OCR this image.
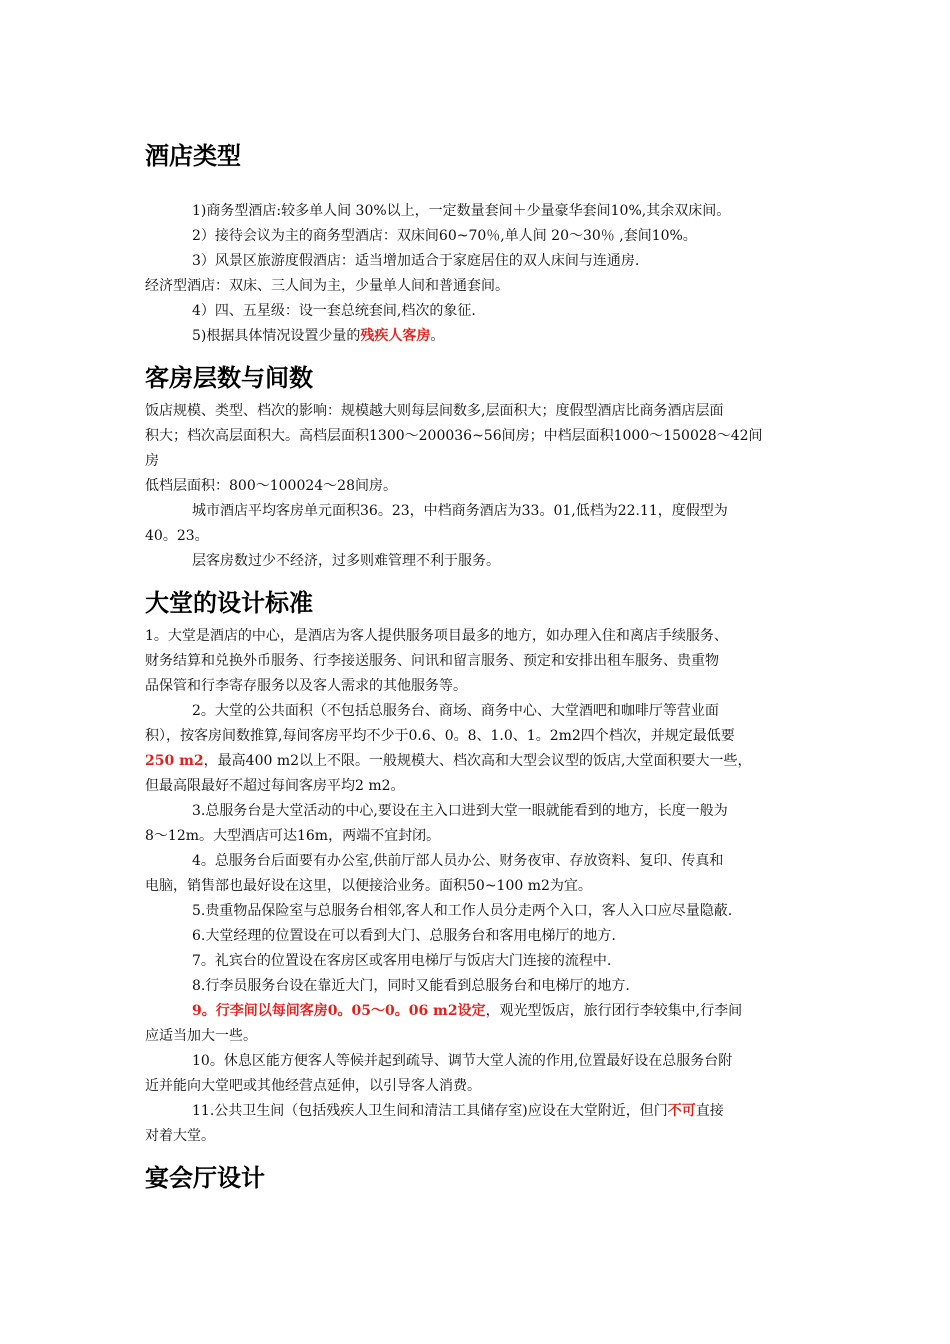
酒店类型

1)商务型酒店:较多单人间 30%以上，一定数量套间＋少量豪华套间10%,其余双床间。

2）接待会议为主的商务型酒店：双床间60~70％,单人间 20～30％ ,套间10%。

3）风景区旅游度假酒店：适当增加适合于家庭居住的双人床间与连通房.

经济型酒店：双床、三人间为主，少量单人间和普通套间。

4）四、五星级：设一套总统套间,档次的象征.

5)根据具体情况设置少量的残疾人客房。

客房层数与间数

饭店规模、类型、档次的影响：规模越大则每层间数多,层面积大；度假型酒店比商务酒店层面

积大；档次高层面积大。高档层面积1300～200036~56间房；中档层面积1000～150028～42间

房

低档层面积：800～100024～28间房。

城市酒店平均客房单元面积36。23，中档商务酒店为33。01,低档为22.11，度假型为

40。23。

层客房数过少不经济，过多则难管理不利于服务。

大堂的设计标准

1。大堂是酒店的中心，是酒店为客人提供服务项目最多的地方，如办理入住和离店手续服务、

财务结算和兑换外币服务、行李接送服务、问讯和留言服务、预定和安排出租车服务、贵重物

品保管和行李寄存服务以及客人需求的其他服务等。

2。大堂的公共面积（不包括总服务台、商场、商务中心、大堂酒吧和咖啡厅等营业面

积），按客房间数推算,每间客房平均不少于0.6、0。8、1.0、1。2m2四个档次，并规定最低要

250 m2，最高400 m2以上不限。一般规模大、档次高和大型会议型的饭店,大堂面积要大一些，

但最高限最好不超过每间客房平均2 m2。

3.总服务台是大堂活动的中心,要设在主入口进到大堂一眼就能看到的地方，长度一般为

8～12m。大型酒店可达16m，两端不宜封闭。

4。总服务台后面要有办公室,供前厅部人员办公、财务夜审、存放资料、复印、传真和

电脑，销售部也最好设在这里，以便接洽业务。面积50~100 m2为宜。

5.贵重物品保险室与总服务台相邻,客人和工作人员分走两个入口，客人入口应尽量隐蔽.

6.大堂经理的位置设在可以看到大门、总服务台和客用电梯厅的地方.

7。礼宾台的位置设在客房区或客用电梯厅与饭店大门连接的流程中.

8.行李员服务台设在靠近大门，同时又能看到总服务台和电梯厅的地方.

9。行李间以每间客房0。05～0。06 m2设定，观光型饭店，旅行团行李较集中,行李间

应适当加大一些。

10。休息区能方便客人等候并起到疏导、调节大堂人流的作用,位置最好设在总服务台附

近并能向大堂吧或其他经营点延伸，以引导客人消费。

11.公共卫生间（包括残疾人卫生间和清洁工具储存室)应设在大堂附近，但门不可直接

对着大堂。

宴会厅设计
